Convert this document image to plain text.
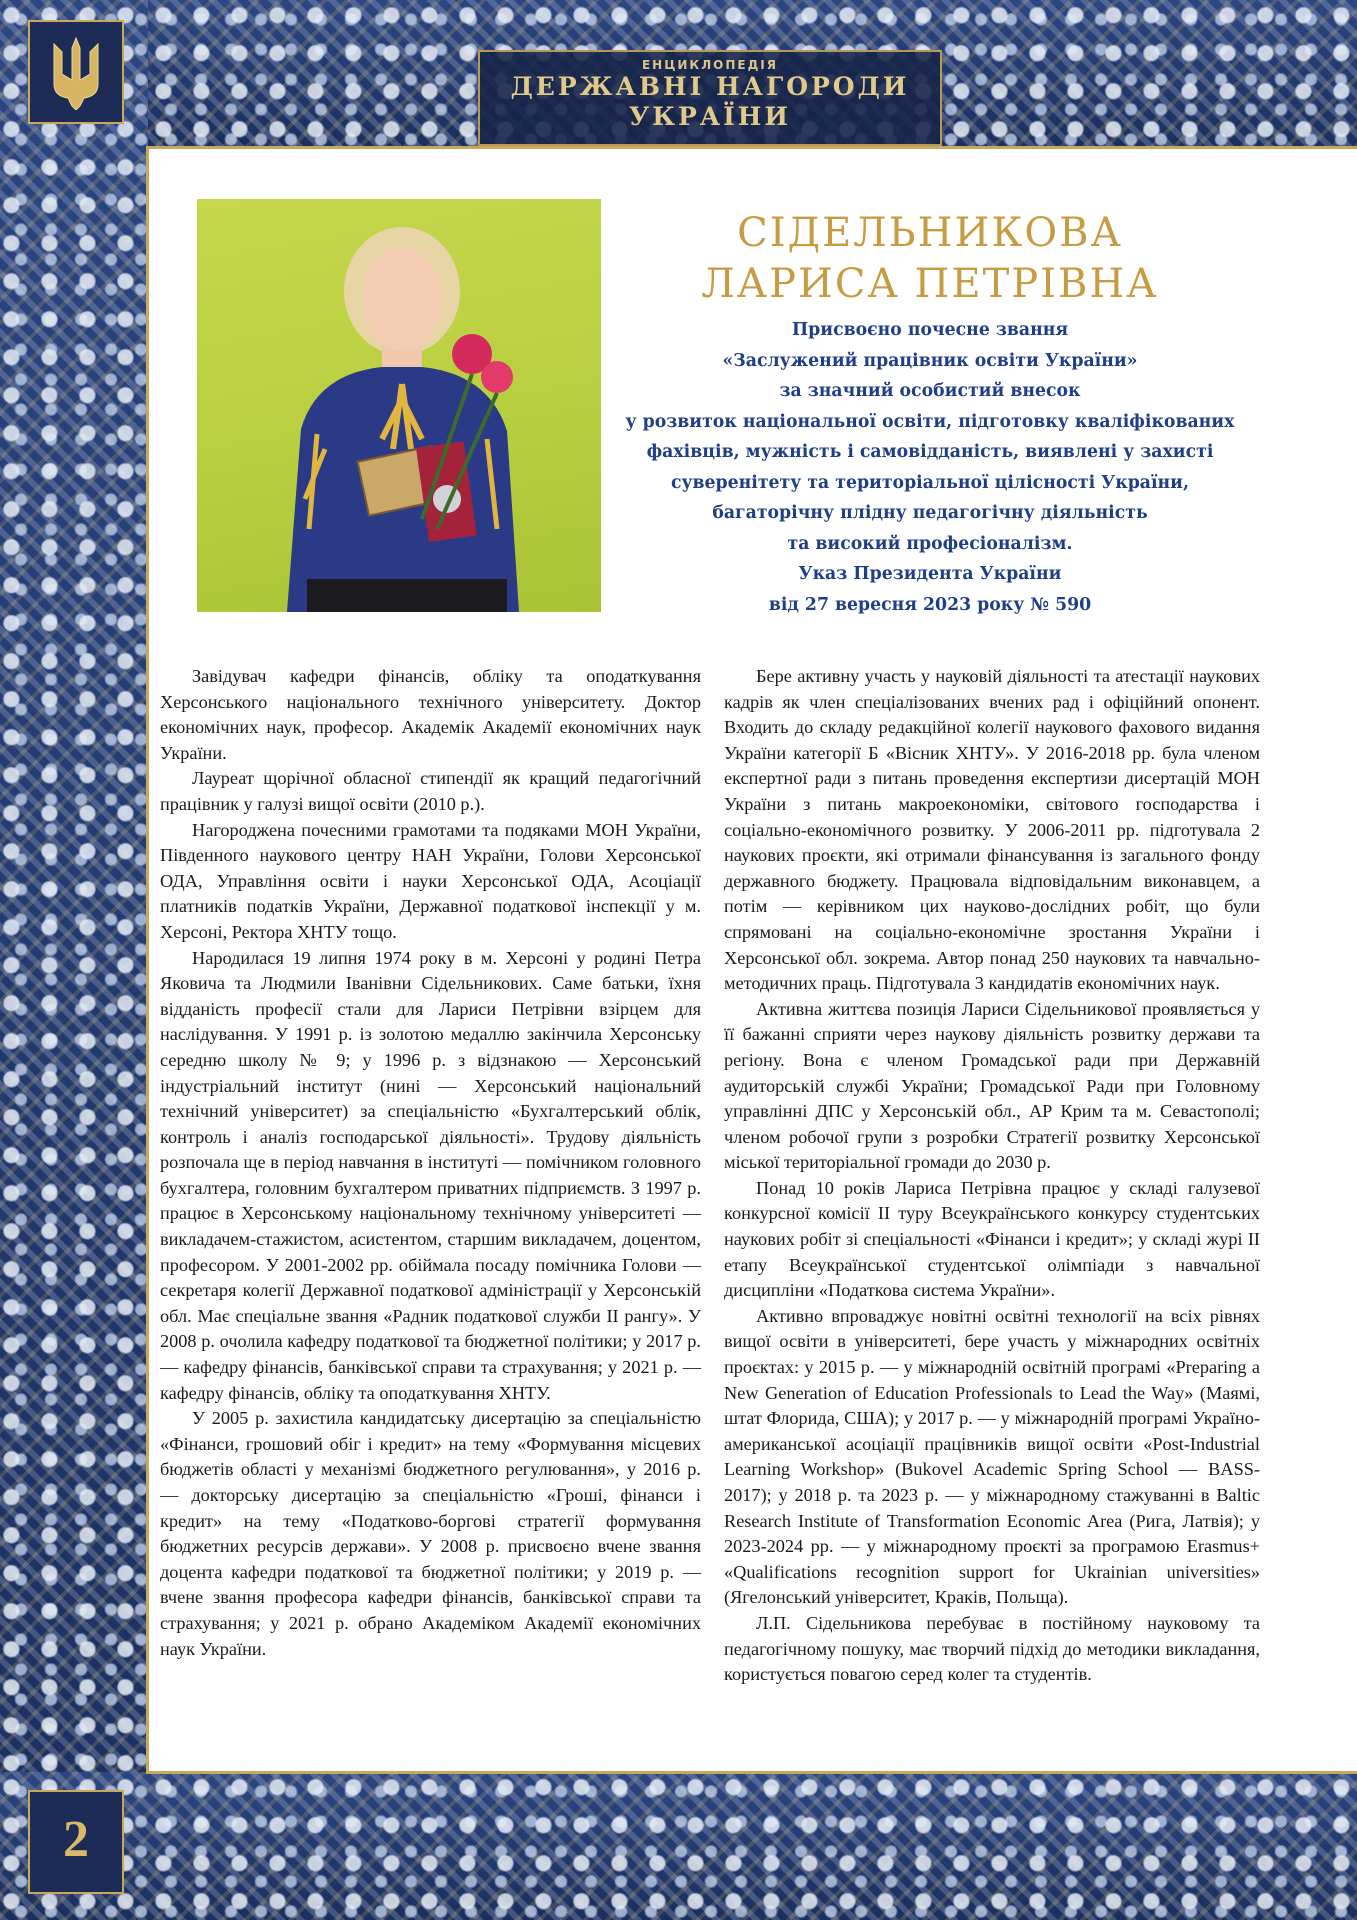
ЕНЦИКЛОПЕДІЯ
ДЕРЖАВНІ НАГОРОДИ
УКРАЇНИ
СІДЕЛЬНИКОВА
ЛАРИСА ПЕТРІВНА
Присвоєно почесне звання
«Заслужений працівник освіти України»
за значний особистий внесок
у розвиток національної освіти, підготовку кваліфікованих
фахівців, мужність і самовідданість, виявлені у захисті
суверенітету та територіальної цілісності України,
багаторічну плідну педагогічну діяльність
та високий професіоналізм.
Указ Президента України
від 27 вересня 2023 року № 590

Завідувач кафедри фінансів, обліку та оподаткування Херсонського національного технічного університету. Доктор економічних наук, професор. Академік Академії економічних наук України.

Лауреат щорічної обласної стипендії як кращий педагогічний працівник у галузі вищої освіти (2010 р.).

Нагороджена почесними грамотами та подяками МОН України, Південного наукового центру НАН України, Голови Херсонської ОДА, Управління освіти і науки Херсонської ОДА, Асоціації платників податків України, Державної податкової інспекції у м. Херсоні, Ректора ХНТУ тощо.

Народилася 19 липня 1974 року в м. Херсоні у родині Петра Яковича та Людмили Іванівни Сідельникових. Саме батьки, їхня відданість професії стали для Лариси Петрівни взірцем для наслідування. У 1991 р. із золотою медаллю закінчила Херсонську середню школу № 9; у 1996 р. з відзнакою — Херсонський індустріальний інститут (нині — Херсонський національний технічний університет) за спеціальністю «Бухгалтерський облік, контроль і аналіз господарської діяльності». Трудову діяльність розпочала ще в період навчання в інституті — помічником головного бухгалтера, головним бухгалтером приватних підприємств. З 1997 р. працює в Херсонському національному технічному університеті — викладачем-стажистом, асистентом, старшим викладачем, доцентом, професором. У 2001-2002 рр. обіймала посаду помічника Голови — секретаря колегії Державної податкової адміністрації у Херсонській обл. Має спеціальне звання «Радник податкової служби ІІ рангу». У 2008 р. очолила кафедру податкової та бюджетної політики; у 2017 р. — кафедру фінансів, банківської справи та страхування; у 2021 р. — кафедру фінансів, обліку та оподаткування ХНТУ.

У 2005 р. захистила кандидатську дисертацію за спеціальністю «Фінанси, грошовий обіг і кредит» на тему «Формування місцевих бюджетів області у механізмі бюджетного регулювання», у 2016 р. — докторську дисертацію за спеціальністю «Гроші, фінанси і кредит» на тему «Податково-боргові стратегії формування бюджетних ресурсів держави». У 2008 р. присвоєно вчене звання доцента кафедри податкової та бюджетної політики; у 2019 р. — вчене звання професора кафедри фінансів, банківської справи та страхування; у 2021 р. обрано Академіком Академії економічних наук України.

Бере активну участь у науковій діяльності та атестації наукових кадрів як член спеціалізованих вчених рад і офіційний опонент. Входить до складу редакційної колегії наукового фахового видання України категорії Б «Вісник ХНТУ». У 2016-2018 рр. була членом експертної ради з питань проведення експертизи дисертацій МОН України з питань макроекономіки, світового господарства і соціально-економічного розвитку. У 2006-2011 рр. підготувала 2 наукових проєкти, які отримали фінансування із загального фонду державного бюджету. Працювала відповідальним виконавцем, а потім — керівником цих науково-дослідних робіт, що були спрямовані на соціально-економічне зростання України і Херсонської обл. зокрема. Автор понад 250 наукових та навчально-методичних праць. Підготувала 3 кандидатів економічних наук.

Активна життєва позиція Лариси Сідельникової проявляється у її бажанні сприяти через наукову діяльність розвитку держави та регіону. Вона є членом Громадської ради при Державній аудиторській службі України; Громадської Ради при Головному управлінні ДПС у Херсонській обл., АР Крим та м. Севастополі; членом робочої групи з розробки Стратегії розвитку Херсонської міської територіальної громади до 2030 р.

Понад 10 років Лариса Петрівна працює у складі галузевої конкурсної комісії ІІ туру Всеукраїнського конкурсу студентських наукових робіт зі спеціальності «Фінанси і кредит»; у складі журі ІІ етапу Всеукраїнської студентської олімпіади з навчальної дисципліни «Податкова система України».

Активно впроваджує новітні освітні технології на всіх рівнях вищої освіти в університеті, бере участь у міжнародних освітніх проєктах: у 2015 р. — у міжнародній освітній програмі «Preparing a New Generation of Education Professionals to Lead the Way» (Маямі, штат Флорида, США); у 2017 р. — у міжнародній програмі Україно-американської асоціації працівників вищої освіти «Post-Industrial Learning Workshop» (Bukovel Academic Spring School — BASS-2017); у 2018 р. та 2023 р. — у міжнародному стажуванні в Baltic Research Institute of Transformation Economic Area (Рига, Латвія); у 2023-2024 рр. — у міжнародному проєкті за програмою Erasmus+ «Qualifications recognition support for Ukrainian universities» (Ягелонський університет, Краків, Польща).

Л.П. Сідельникова перебуває в постійному науковому та педагогічному пошуку, має творчий підхід до методики викладання, користується повагою серед колег та студентів.

2
